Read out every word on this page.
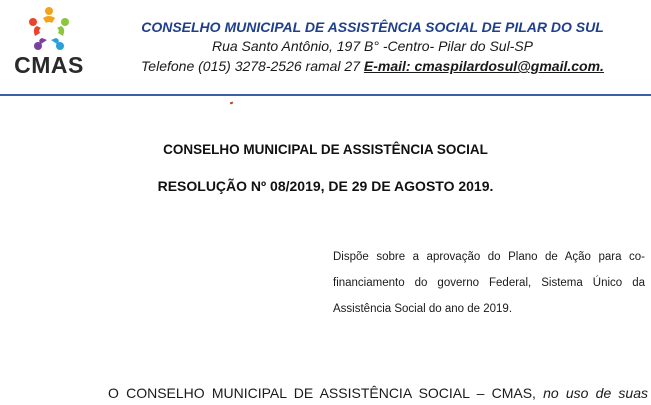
CMAS
CONSELHO MUNICIPAL DE ASSISTÊNCIA SOCIAL DE PILAR DO SUL
Rua Santo Antônio, 197 B° -Centro- Pilar do Sul-SP
Telefone (015) 3278-2526 ramal 27 E-mail: cmaspilardosul@gmail.com.
CONSELHO MUNICIPAL DE ASSISTÊNCIA SOCIAL
RESOLUÇÃO Nº 08/2019, DE 29 DE AGOSTO 2019.
Dispõe sobre a aprovação do Plano de Ação para co-
financiamento do governo Federal, Sistema Único da
Assistência Social do ano de 2019.
O CONSELHO MUNICIPAL DE ASSISTÊNCIA SOCIAL – CMAS, no uso de suas
